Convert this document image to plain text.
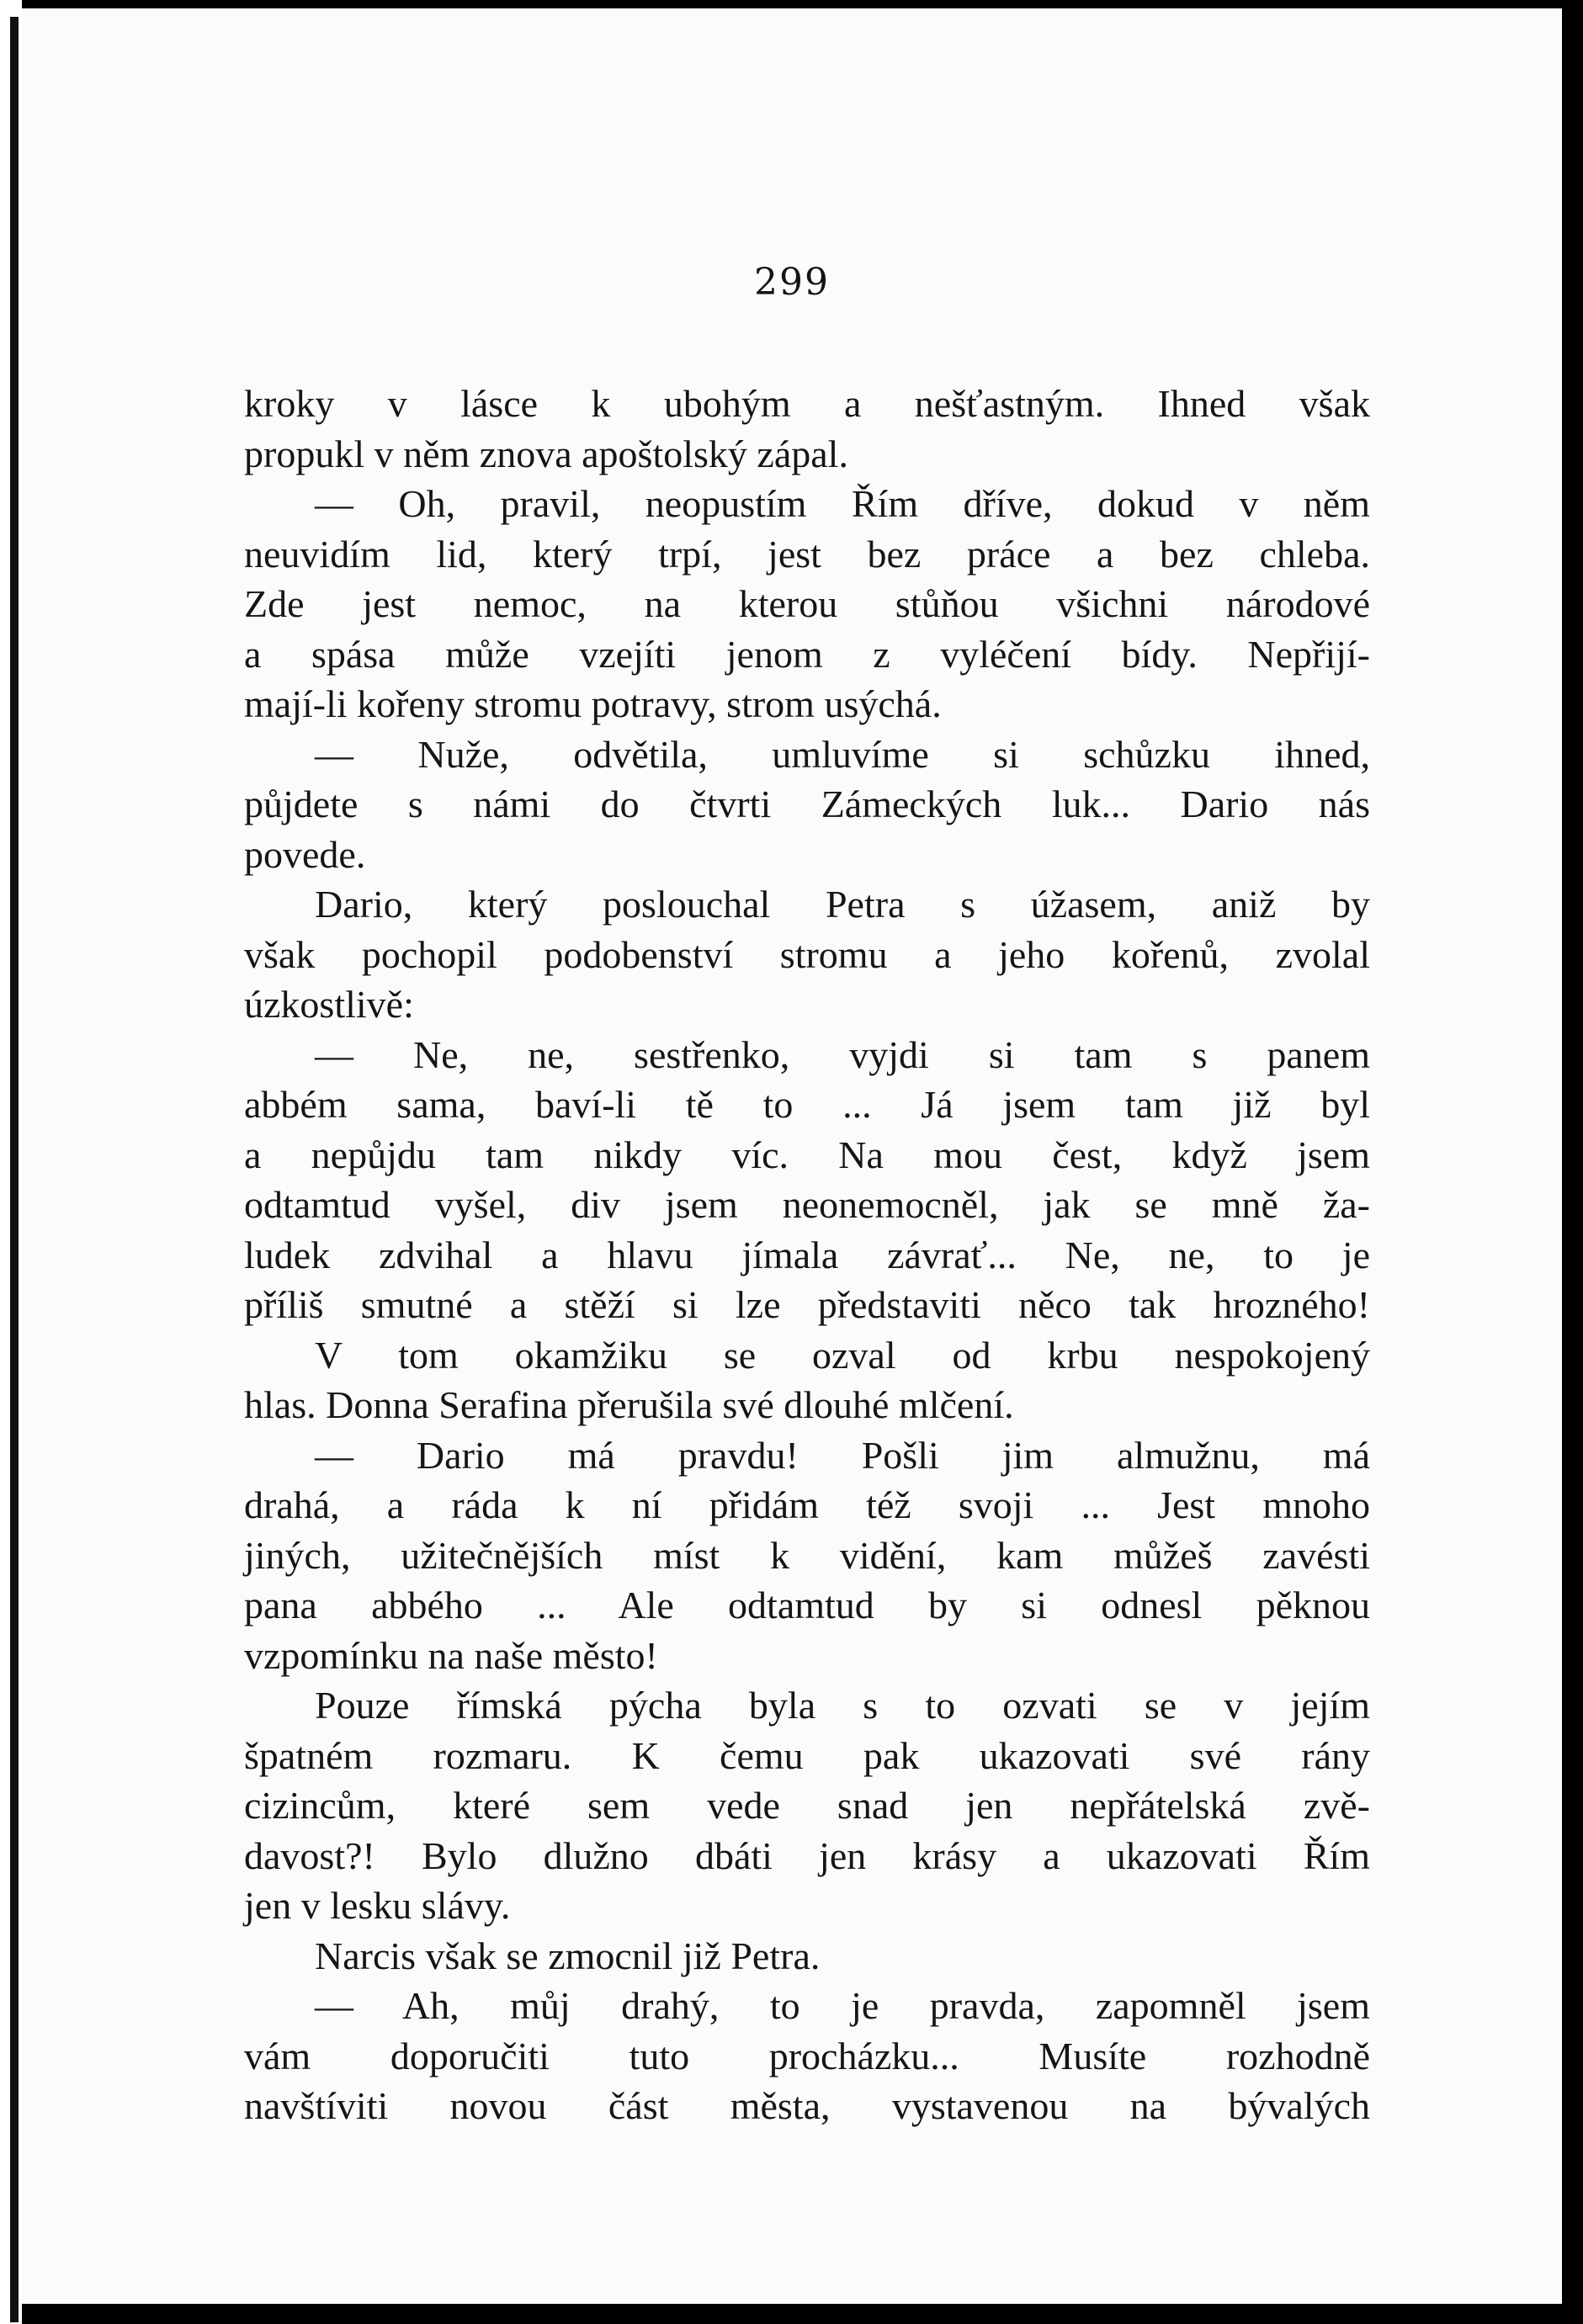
299
kroky v lásce k ubohým a nešťastným. Ihned však
propukl v něm znova apoštolský zápal.
— Oh, pravil, neopustím Řím dříve, dokud v něm
neuvidím lid, který trpí, jest bez práce a bez chleba.
Zde jest nemoc, na kterou stůňou všichni národové
a spása může vzejíti jenom z vyléčení bídy. Nepřijí-
mají-li kořeny stromu potravy, strom usýchá.
— Nuže, odvětila, umluvíme si schůzku ihned,
půjdete s námi do čtvrti Zámeckých luk... Dario nás
povede.
Dario, který poslouchal Petra s úžasem, aniž by
však pochopil podobenství stromu a jeho kořenů, zvolal
úzkostlivě:
— Ne, ne, sestřenko, vyjdi si tam s panem
abbém sama, baví-li tě to ... Já jsem tam již byl
a nepůjdu tam nikdy víc. Na mou čest, když jsem
odtamtud vyšel, div jsem neonemocněl, jak se mně ža-
ludek zdvihal a hlavu jímala závrať... Ne, ne, to je
příliš smutné a stěží si lze představiti něco tak hrozného!
V tom okamžiku se ozval od krbu nespokojený
hlas. Donna Serafina přerušila své dlouhé mlčení.
— Dario má pravdu! Pošli jim almužnu, má
drahá, a ráda k ní přidám též svoji ... Jest mnoho
jiných, užitečnějších míst k vidění, kam můžeš zavésti
pana abbého ... Ale odtamtud by si odnesl pěknou
vzpomínku na naše město!
Pouze římská pýcha byla s to ozvati se v jejím
špatném rozmaru. K čemu pak ukazovati své rány
cizincům, které sem vede snad jen nepřátelská zvě-
davost?! Bylo dlužno dbáti jen krásy a ukazovati Řím
jen v lesku slávy.
Narcis však se zmocnil již Petra.
— Ah, můj drahý, to je pravda, zapomněl jsem
vám doporučiti tuto procházku... Musíte rozhodně
navštíviti novou část města, vystavenou na bývalých
